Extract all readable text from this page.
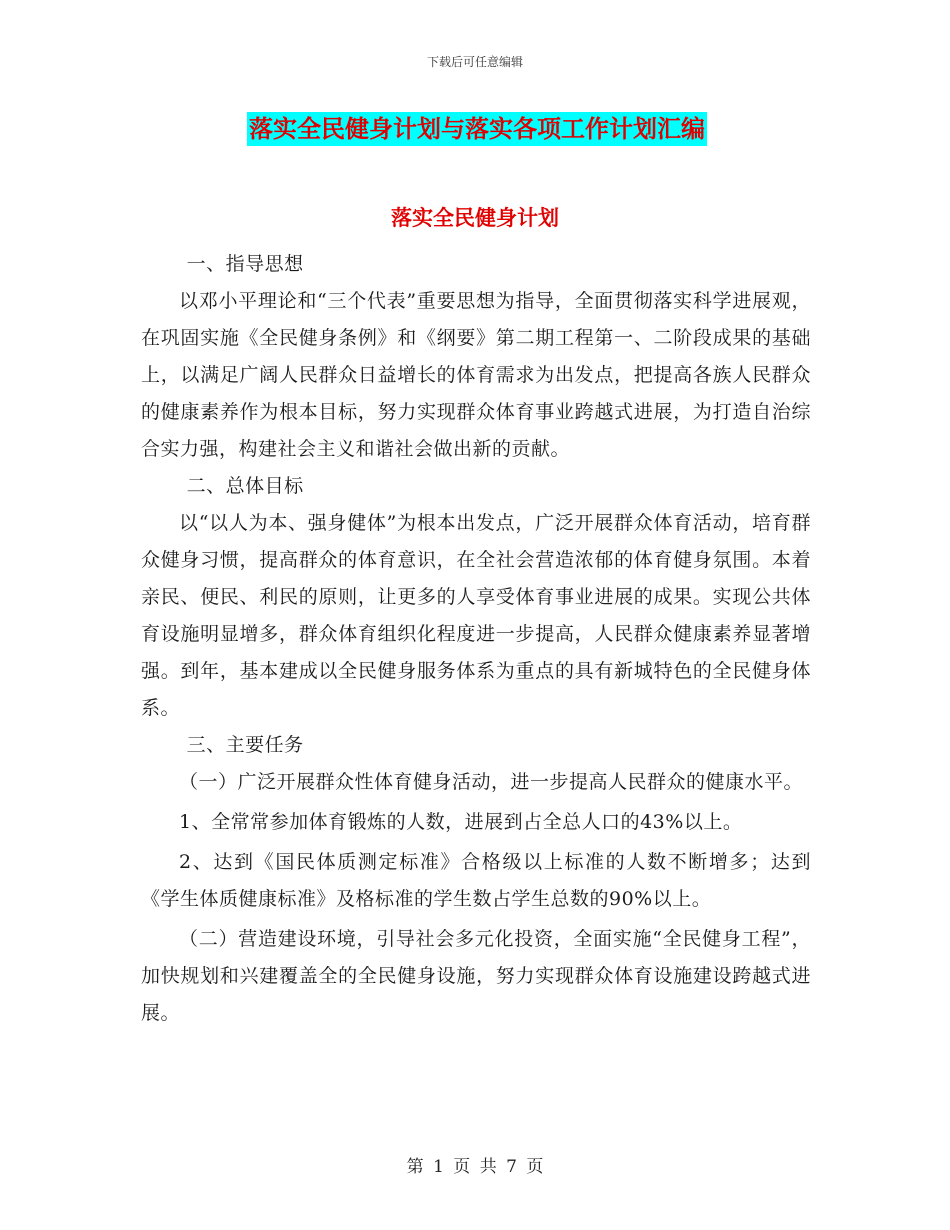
下载后可任意编辑
落实全民健身计划与落实各项工作计划汇编
落实全民健身计划

一、指导思想

以邓小平理论和“三个代表”重要思想为指导，全面贯彻落实科学进展观，在巩固实施《全民健身条例》和《纲要》第二期工程第一、二阶段成果的基础上，以满足广阔人民群众日益增长的体育需求为出发点，把提高各族人民群众的健康素养作为根本目标，努力实现群众体育事业跨越式进展，为打造自治综合实力强，构建社会主义和谐社会做出新的贡献。

二、总体目标

以“以人为本、强身健体”为根本出发点，广泛开展群众体育活动，培育群众健身习惯，提高群众的体育意识，在全社会营造浓郁的体育健身氛围。本着亲民、便民、利民的原则，让更多的人享受体育事业进展的成果。实现公共体育设施明显增多，群众体育组织化程度进一步提高，人民群众健康素养显著增强。到年，基本建成以全民健身服务体系为重点的具有新城特色的全民健身体系。

三、主要任务

（一）广泛开展群众性体育健身活动，进一步提高人民群众的健康水平。

1、全常常参加体育锻炼的人数，进展到占全总人口的43%以上。

2、达到《国民体质测定标准》合格级以上标准的人数不断增多；达到《学生体质健康标准》及格标准的学生数占学生总数的90%以上。

（二）营造建设环境，引导社会多元化投资，全面实施“全民健身工程”，加快规划和兴建覆盖全的全民健身设施，努力实现群众体育设施建设跨越式进展。

第 1 页 共 7 页
